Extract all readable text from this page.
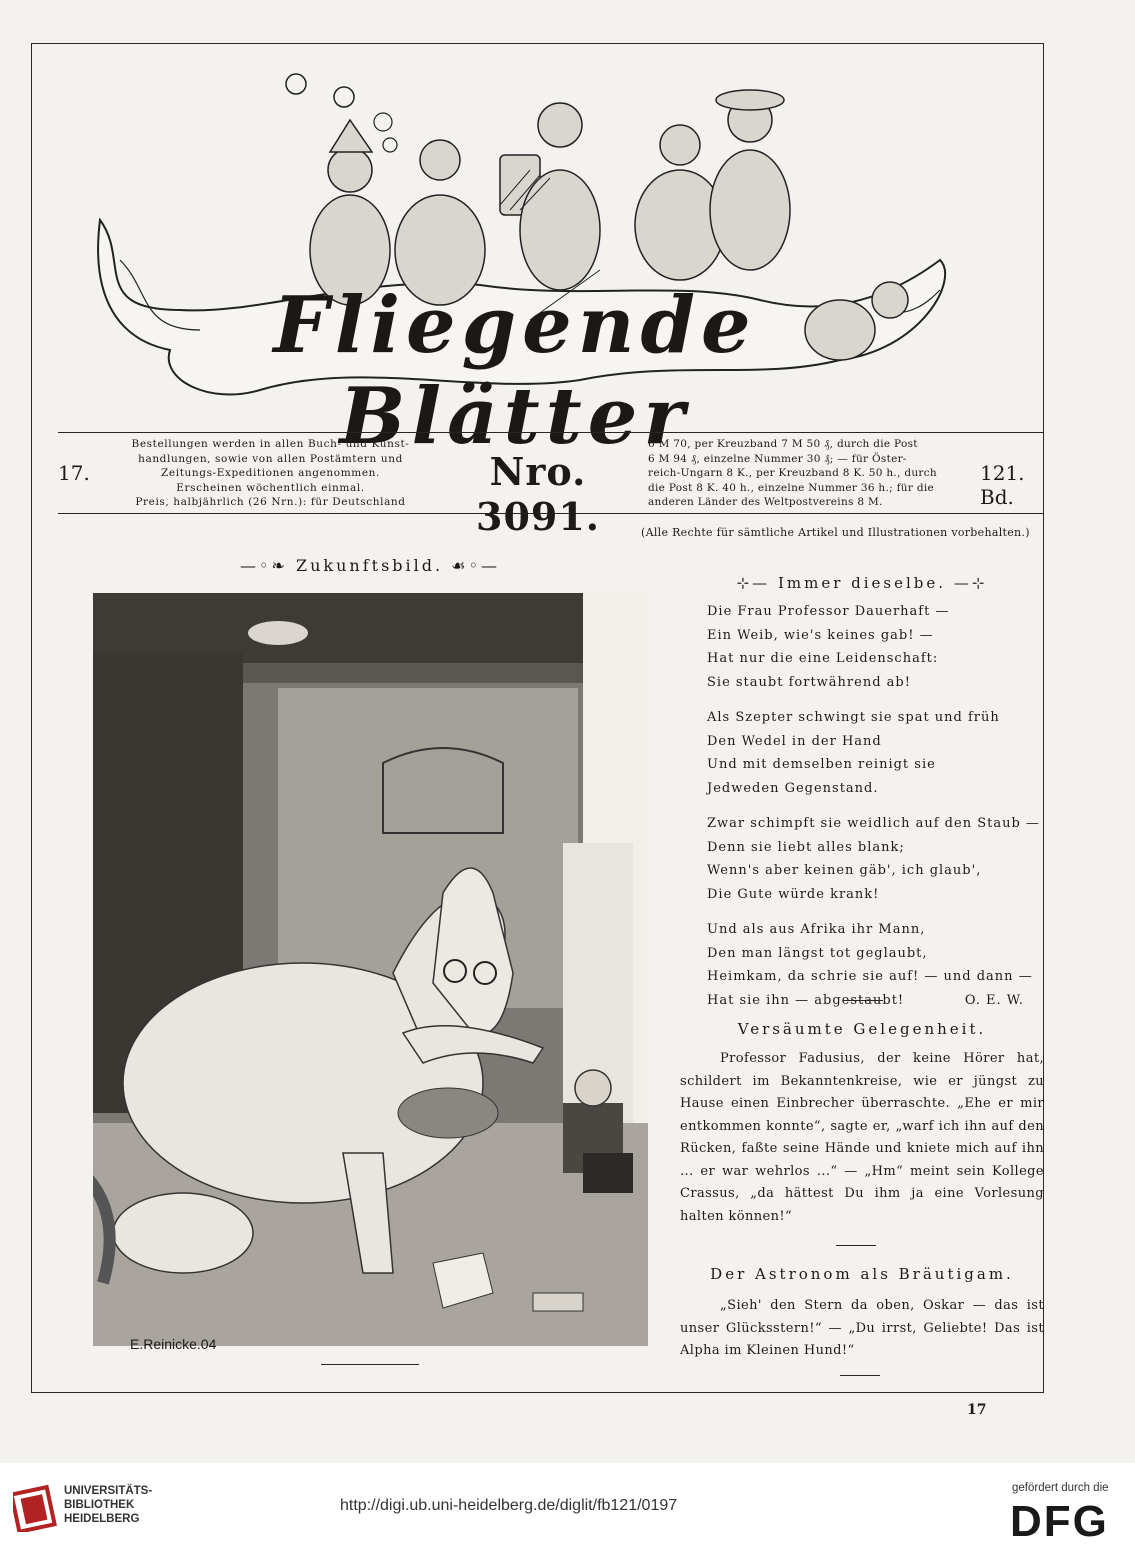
Fliegende Blätter
17.
Bestellungen werden in allen Buch- und Kunst-
handlungen, sowie von allen Postämtern und
Zeitungs-Expeditionen angenommen.
Erscheinen wöchentlich einmal.
Preis, halbjährlich (26 Nrn.): für Deutschland
Nro. 3091.
6 M 70, per Kreuzband 7 M 50 ₰, durch die Post
6 M 94 ₰, einzelne Nummer 30 ₰; — für Öster-
reich-Ungarn 8 K., per Kreuzband 8 K. 50 h., durch
die Post 8 K. 40 h., einzelne Nummer 36 h.; für die
anderen Länder des Weltpostvereins 8 M.
121. Bd.
(Alle Rechte für sämtliche Artikel und Illustrationen vorbehalten.)
—◦❧ Zukunftsbild. ☙◦—
E.Reinicke.04
⊹— Immer dieselbe. —⊹

Die Frau Professor Dauerhaft —

Ein Weib, wie's keines gab! —

Hat nur die eine Leidenschaft:

Sie staubt fortwährend ab!

Als Szepter schwingt sie spat und früh

Den Wedel in der Hand

Und mit demselben reinigt sie

Jedweden Gegenstand.

Zwar schimpft sie weidlich auf den Staub —

Denn sie liebt alles blank;

Wenn's aber keinen gäb', ich glaub',

Die Gute würde krank!

Und als aus Afrika ihr Mann,

Den man längst tot geglaubt,

Heimkam, da schrie sie auf! — und dann —

Hat sie ihn — abgestaubt!	O. E. W.

Versäumte Gelegenheit.

Professor Fadusius, der keine Hörer hat, schildert im Bekanntenkreise, wie er jüngst zu Hause einen Einbrecher überraschte. „Ehe er mir entkommen konnte“, sagte er, „warf ich ihn auf den Rücken, faßte seine Hände und kniete mich auf ihn ... er war wehrlos ...“ — „Hm“ meint sein Kollege Crassus, „da hättest Du ihm ja eine Vorlesung halten können!“

Der Astronom als Bräutigam.

„Sieh' den Stern da oben, Oskar — das ist unser Glücksstern!“ — „Du irrst, Geliebte! Das ist Alpha im Kleinen Hund!“

17
UNIVERSITÄTS-
BIBLIOTHEK
HEIDELBERG
http://digi.ub.uni-heidelberg.de/diglit/fb121/0197
gefördert durch die
DFG
